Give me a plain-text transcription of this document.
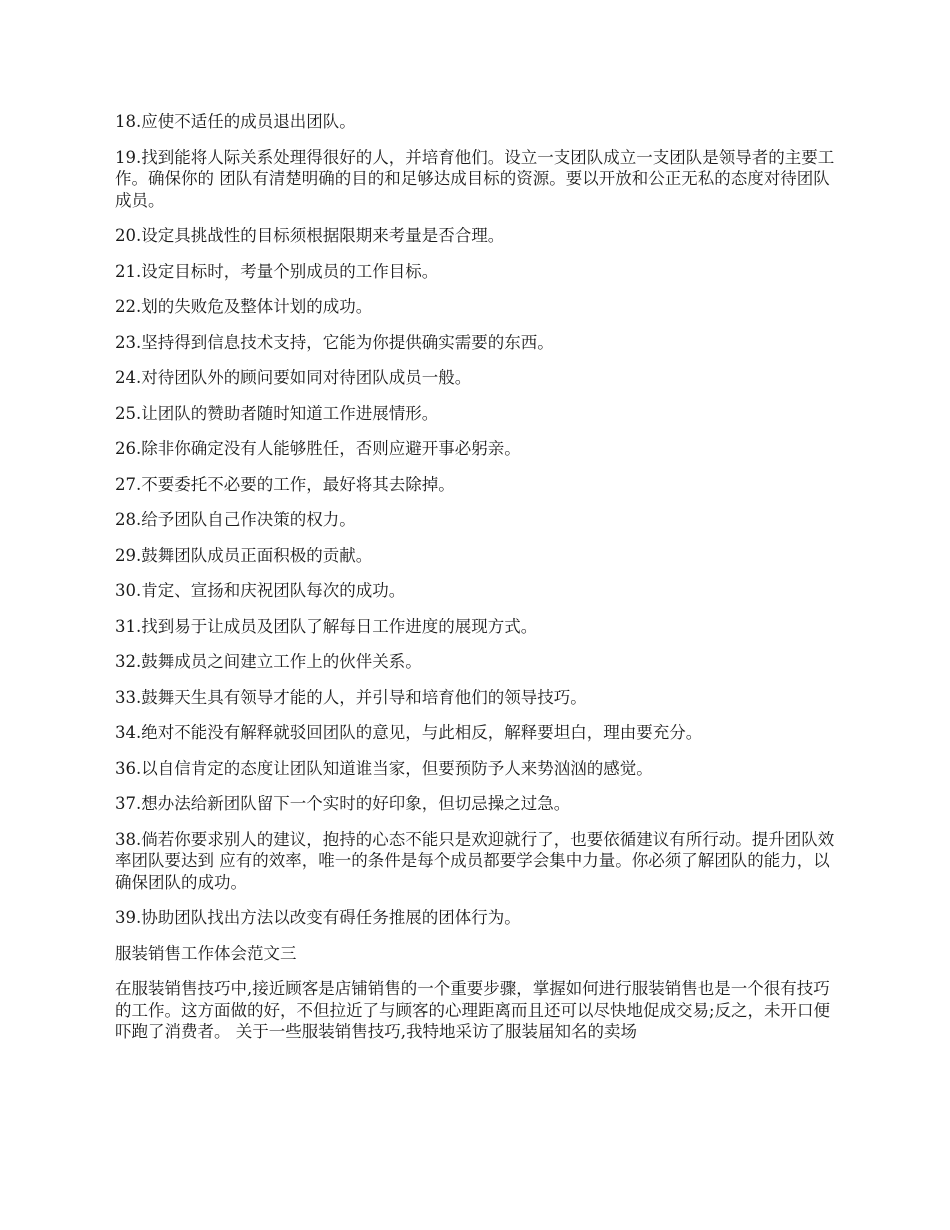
18.应使不适任的成员退出团队。

19.找到能将人际关系处理得很好的人，并培育他们。设立一支团队成立一支团队是领导者的主要工作。确保你的 团队有清楚明确的目的和足够达成目标的资源。要以开放和公正无私的态度对待团队成员。

20.设定具挑战性的目标须根据限期来考量是否合理。

21.设定目标时，考量个别成员的工作目标。

22.划的失败危及整体计划的成功。

23.坚持得到信息技术支持，它能为你提供确实需要的东西。

24.对待团队外的顾问要如同对待团队成员一般。

25.让团队的赞助者随时知道工作进展情形。

26.除非你确定没有人能够胜任，否则应避开事必躬亲。

27.不要委托不必要的工作，最好将其去除掉。

28.给予团队自己作决策的权力。

29.鼓舞团队成员正面积极的贡献。

30.肯定、宣扬和庆祝团队每次的成功。

31.找到易于让成员及团队了解每日工作进度的展现方式。

32.鼓舞成员之间建立工作上的伙伴关系。

33.鼓舞天生具有领导才能的人，并引导和培育他们的领导技巧。

34.绝对不能没有解释就驳回团队的意见，与此相反，解释要坦白，理由要充分。

36.以自信肯定的态度让团队知道谁当家，但要预防予人来势汹汹的感觉。

37.想办法给新团队留下一个实时的好印象，但切忌操之过急。

38.倘若你要求别人的建议，抱持的心态不能只是欢迎就行了，也要依循建议有所行动。提升团队效率团队要达到 应有的效率，唯一的条件是每个成员都要学会集中力量。你必须了解团队的能力，以确保团队的成功。

39.协助团队找出方法以改变有碍任务推展的团体行为。

服装销售工作体会范文三

在服装销售技巧中,接近顾客是店铺销售的一个重要步骤，掌握如何进行服装销售也是一个很有技巧的工作。这方面做的好，不但拉近了与顾客的心理距离而且还可以尽快地促成交易;反之，未开口便吓跑了消费者。 关于一些服装销售技巧,我特地采访了服装届知名的卖场
